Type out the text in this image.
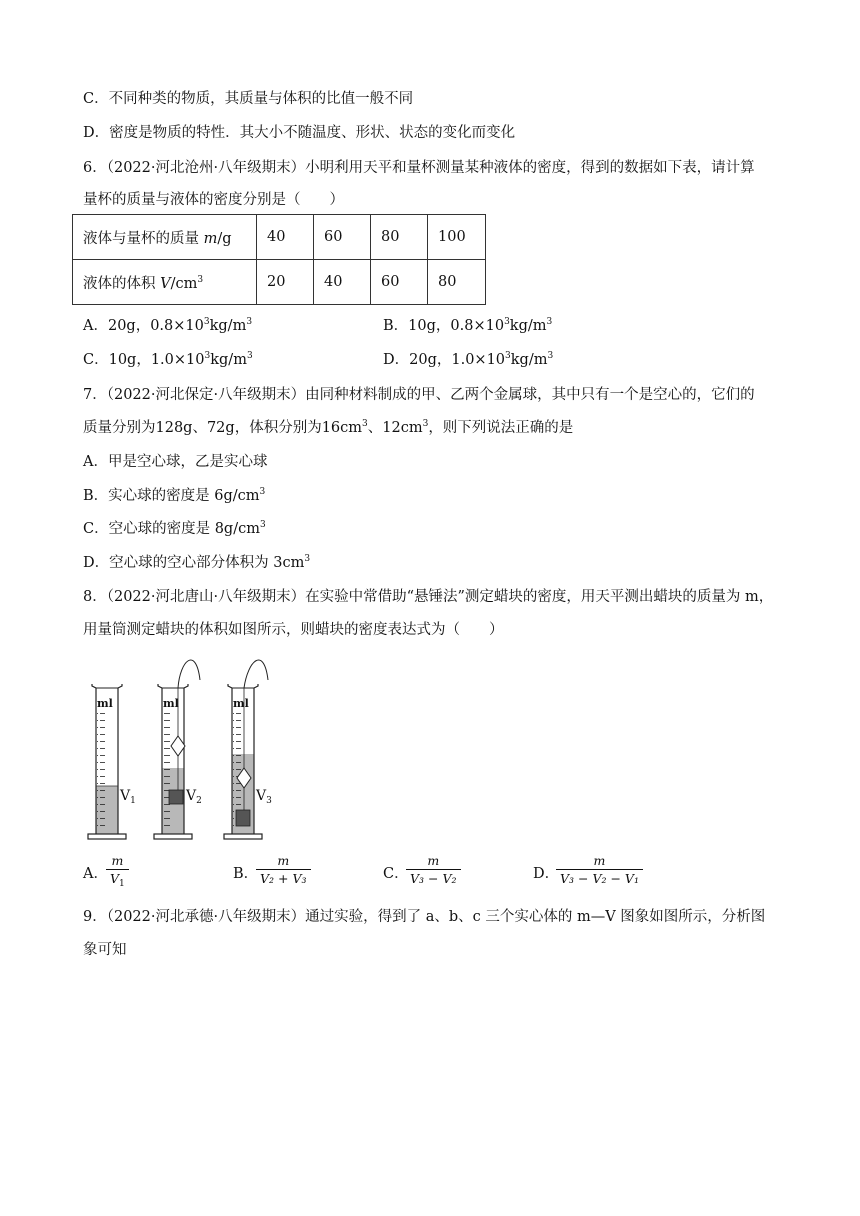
C．不同种类的物质，其质量与体积的比值一般不同
D．密度是物质的特性．其大小不随温度、形状、状态的变化而变化
6．（2022·河北沧州·八年级期末）小明利用天平和量杯测量某种液体的密度，得到的数据如下表，请计算
量杯的质量与液体的密度分别是（　　）
液体与量杯的质量 m/g	40	60	80	100
液体的体积 $V/cm^3$	20	40	60	80
A．20g，$0.8\times 10^3kg/m^3$	B．10g，$0.8\times 10^3kg/m^3$
C．10g，$1.0\times 10^3kg/m^3$	D．20g，$1.0\times 10^3kg/m^3$
7．（2022·河北保定·八年级期末）由同种材料制成的甲、乙两个金属球，其中只有一个是空心的，它们的
质量分别为128g、72g，体积分别为$16cm^3$、$12cm^3$，则下列说法正确的是
A．甲是空心球，乙是实心球
B．实心球的密度是 $6g/cm^3$
C．空心球的密度是 $8g/cm^3$
D．空心球的空心部分体积为 $3cm^3$
8．（2022·河北唐山·八年级期末）在实验中常借助“悬锤法”测定蜡块的密度，用天平测出蜡块的质量为 m，
用量筒测定蜡块的体积如图所示，则蜡块的密度表达式为（　　）
ml	ml	ml
$V_1$	$V_2$	$V_3$
A．
$\frac{m}{V_1}$	B．
$\frac{m}{\text{V₂ + V₃}}$	C．
$\frac{m}{\text{V₃ − V₂}}$	D．
$\frac{m}{\text{V₃ − V₂ − V₁}}$
9．（2022·河北承德·八年级期末）通过实验，得到了 a、b、c 三个实心体的 m—V 图象如图所示，分析图
象可知
